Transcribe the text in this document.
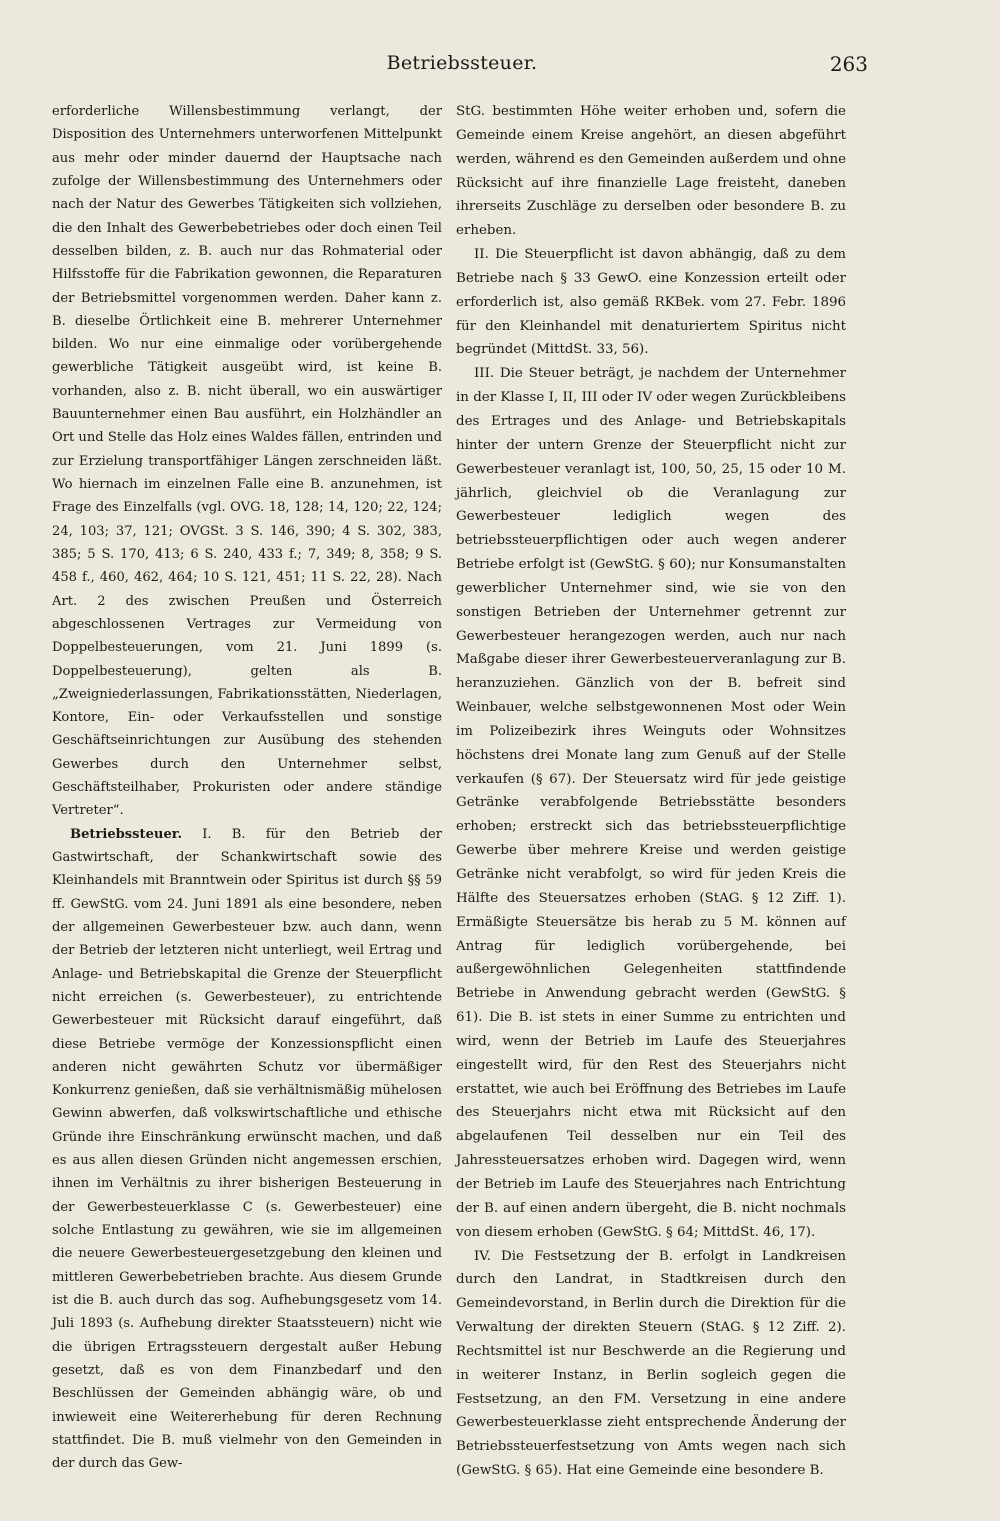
Betriebssteuer.	263

erforderliche Willensbestimmung verlangt, der Disposition des Unternehmers unterworfenen Mittelpunkt aus mehr oder minder dauernd der Hauptsache nach zufolge der Willensbestimmung des Unternehmers oder nach der Natur des Gewerbes Tätigkeiten sich vollziehen, die den Inhalt des Gewerbebetriebes oder doch einen Teil desselben bilden, z. B. auch nur das Rohmaterial oder Hilfsstoffe für die Fabrikation gewonnen, die Reparaturen der Betriebsmittel vorgenommen werden. Daher kann z. B. dieselbe Örtlichkeit eine B. mehrerer Unternehmer bilden. Wo nur eine einmalige oder vorübergehende gewerbliche Tätigkeit ausgeübt wird, ist keine B. vorhanden, also z. B. nicht überall, wo ein auswärtiger Bauunternehmer einen Bau ausführt, ein Holzhändler an Ort und Stelle das Holz eines Waldes fällen, entrinden und zur Erzielung transportfähiger Längen zerschneiden läßt. Wo hiernach im einzelnen Falle eine B. anzunehmen, ist Frage des Einzelfalls (vgl. OVG. 18, 128; 14, 120; 22, 124; 24, 103; 37, 121; OVGSt. 3 S. 146, 390; 4 S. 302, 383, 385; 5 S. 170, 413; 6 S. 240, 433 f.; 7, 349; 8, 358; 9 S. 458 f., 460, 462, 464; 10 S. 121, 451; 11 S. 22, 28). Nach Art. 2 des zwischen Preußen und Österreich abgeschlossenen Vertrages zur Vermeidung von Doppelbesteuerungen, vom 21. Juni 1899 (s. Doppelbesteuerung), gelten als B. „Zweigniederlassungen, Fabrikationsstätten, Niederlagen, Kontore, Ein- oder Verkaufsstellen und sonstige Geschäftseinrichtungen zur Ausübung des stehenden Gewerbes durch den Unternehmer selbst, Geschäftsteilhaber, Prokuristen oder andere ständige Vertreter“.

Betriebssteuer. I. B. für den Betrieb der Gastwirtschaft, der Schankwirtschaft sowie des Kleinhandels mit Branntwein oder Spiritus ist durch §§ 59 ff. GewStG. vom 24. Juni 1891 als eine besondere, neben der allgemeinen Gewerbesteuer bzw. auch dann, wenn der Betrieb der letzteren nicht unterliegt, weil Ertrag und Anlage- und Betriebskapital die Grenze der Steuerpflicht nicht erreichen (s. Gewerbesteuer), zu entrichtende Gewerbesteuer mit Rücksicht darauf eingeführt, daß diese Betriebe vermöge der Konzessionspflicht einen anderen nicht gewährten Schutz vor übermäßiger Konkurrenz genießen, daß sie verhältnismäßig mühelosen Gewinn abwerfen, daß volkswirtschaftliche und ethische Gründe ihre Einschränkung erwünscht machen, und daß es aus allen diesen Gründen nicht angemessen erschien, ihnen im Verhältnis zu ihrer bisherigen Besteuerung in der Gewerbesteuerklasse C (s. Gewerbesteuer) eine solche Entlastung zu gewähren, wie sie im allgemeinen die neuere Gewerbesteuergesetzgebung den kleinen und mittleren Gewerbebetrieben brachte. Aus diesem Grunde ist die B. auch durch das sog. Aufhebungsgesetz vom 14. Juli 1893 (s. Aufhebung direkter Staatssteuern) nicht wie die übrigen Ertragssteuern dergestalt außer Hebung gesetzt, daß es von dem Finanzbedarf und den Beschlüssen der Gemeinden abhängig wäre, ob und inwieweit eine Weitererhebung für deren Rechnung stattfindet. Die B. muß vielmehr von den Gemeinden in der durch das Gew-

StG. bestimmten Höhe weiter erhoben und, sofern die Gemeinde einem Kreise angehört, an diesen abgeführt werden, während es den Gemeinden außerdem und ohne Rücksicht auf ihre finanzielle Lage freisteht, daneben ihrerseits Zuschläge zu derselben oder besondere B. zu erheben.

II. Die Steuerpflicht ist davon abhängig, daß zu dem Betriebe nach § 33 GewO. eine Konzession erteilt oder erforderlich ist, also gemäß RKBek. vom 27. Febr. 1896 für den Kleinhandel mit denaturiertem Spiritus nicht begründet (MittdSt. 33, 56).

III. Die Steuer beträgt, je nachdem der Unternehmer in der Klasse I, II, III oder IV oder wegen Zurückbleibens des Ertrages und des Anlage- und Betriebskapitals hinter der untern Grenze der Steuerpflicht nicht zur Gewerbesteuer veranlagt ist, 100, 50, 25, 15 oder 10 M. jährlich, gleichviel ob die Veranlagung zur Gewerbesteuer lediglich wegen des betriebssteuerpflichtigen oder auch wegen anderer Betriebe erfolgt ist (GewStG. § 60); nur Konsumanstalten gewerblicher Unternehmer sind, wie sie von den sonstigen Betrieben der Unternehmer getrennt zur Gewerbesteuer herangezogen werden, auch nur nach Maßgabe dieser ihrer Gewerbesteuerveranlagung zur B. heranzuziehen. Gänzlich von der B. befreit sind Weinbauer, welche selbstgewonnenen Most oder Wein im Polizeibezirk ihres Weinguts oder Wohnsitzes höchstens drei Monate lang zum Genuß auf der Stelle verkaufen (§ 67). Der Steuersatz wird für jede geistige Getränke verabfolgende Betriebsstätte besonders erhoben; erstreckt sich das betriebssteuerpflichtige Gewerbe über mehrere Kreise und werden geistige Getränke nicht verabfolgt, so wird für jeden Kreis die Hälfte des Steuersatzes erhoben (StAG. § 12 Ziff. 1). Ermäßigte Steuersätze bis herab zu 5 M. können auf Antrag für lediglich vorübergehende, bei außergewöhnlichen Gelegenheiten stattfindende Betriebe in Anwendung gebracht werden (GewStG. § 61). Die B. ist stets in einer Summe zu entrichten und wird, wenn der Betrieb im Laufe des Steuerjahres eingestellt wird, für den Rest des Steuerjahrs nicht erstattet, wie auch bei Eröffnung des Betriebes im Laufe des Steuerjahrs nicht etwa mit Rücksicht auf den abgelaufenen Teil desselben nur ein Teil des Jahressteuersatzes erhoben wird. Dagegen wird, wenn der Betrieb im Laufe des Steuerjahres nach Entrichtung der B. auf einen andern übergeht, die B. nicht nochmals von diesem erhoben (GewStG. § 64; MittdSt. 46, 17).

IV. Die Festsetzung der B. erfolgt in Landkreisen durch den Landrat, in Stadtkreisen durch den Gemeindevorstand, in Berlin durch die Direktion für die Verwaltung der direkten Steuern (StAG. § 12 Ziff. 2). Rechtsmittel ist nur Beschwerde an die Regierung und in weiterer Instanz, in Berlin sogleich gegen die Festsetzung, an den FM. Versetzung in eine andere Gewerbesteuerklasse zieht entsprechende Änderung der Betriebssteuerfestsetzung von Amts wegen nach sich (GewStG. § 65). Hat eine Gemeinde eine besondere B.
